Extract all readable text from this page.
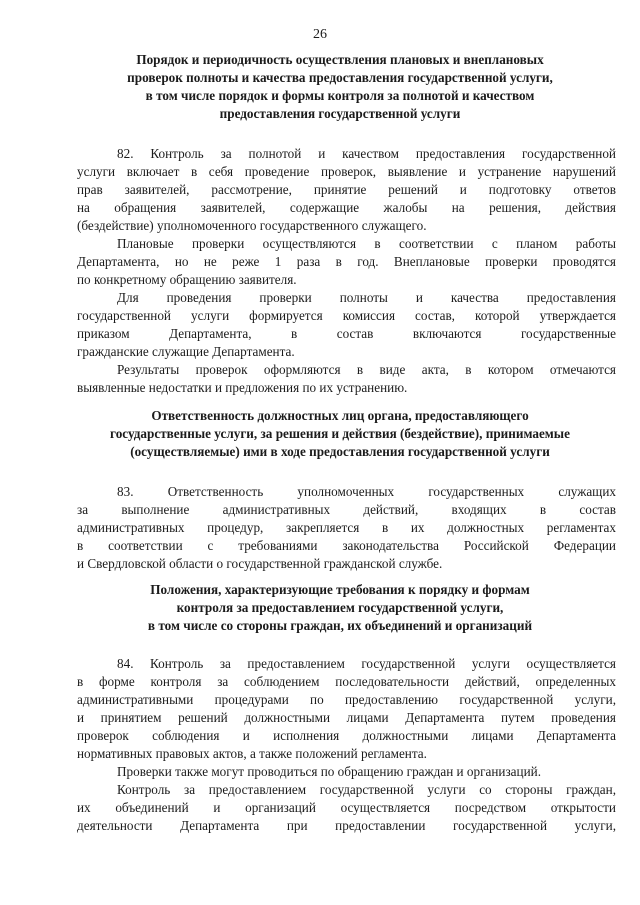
26
Порядок и периодичность осуществления плановых и внеплановых
проверок полноты и качества предоставления государственной услуги,
в том числе порядок и формы контроля за полнотой и качеством
предоставления государственной услуги

82. Контроль за полнотой и качеством предоставления государственной
услуги включает в себя проведение проверок, выявление и устранение нарушений
прав заявителей, рассмотрение, принятие решений и подготовку ответов
на обращения заявителей, содержащие жалобы на решения, действия
(бездействие) уполномоченного государственного служащего.

Плановые проверки осуществляются в соответствии с планом работы
Департамента, но не реже 1 раза в год. Внеплановые проверки проводятся
по конкретному обращению заявителя.

Для проведения проверки полноты и качества предоставления
государственной услуги формируется комиссия состав, которой утверждается
приказом Департамента, в состав включаются государственные
гражданские служащие Департамента.

Результаты проверок оформляются в виде акта, в котором отмечаются
выявленные недостатки и предложения по их устранению.

Ответственность должностных лиц органа, предоставляющего
государственные услуги, за решения и действия (бездействие), принимаемые
(осуществляемые) ими в ходе предоставления государственной услуги

83. Ответственность уполномоченных государственных служащих
за выполнение административных действий, входящих в состав
административных процедур, закрепляется в их должностных регламентах
в соответствии с требованиями законодательства Российской Федерации
и Свердловской области о государственной гражданской службе.

Положения, характеризующие требования к порядку и формам
контроля за предоставлением государственной услуги,
в том числе со стороны граждан, их объединений и организаций

84. Контроль за предоставлением государственной услуги осуществляется
в форме контроля за соблюдением последовательности действий, определенных
административными процедурами по предоставлению государственной услуги,
и принятием решений должностными лицами Департамента путем проведения
проверок соблюдения и исполнения должностными лицами Департамента
нормативных правовых актов, а также положений регламента.

Проверки также могут проводиться по обращению граждан и организаций.

Контроль за предоставлением государственной услуги со стороны граждан,
их объединений и организаций осуществляется посредством открытости
деятельности Департамента при предоставлении государственной услуги,
